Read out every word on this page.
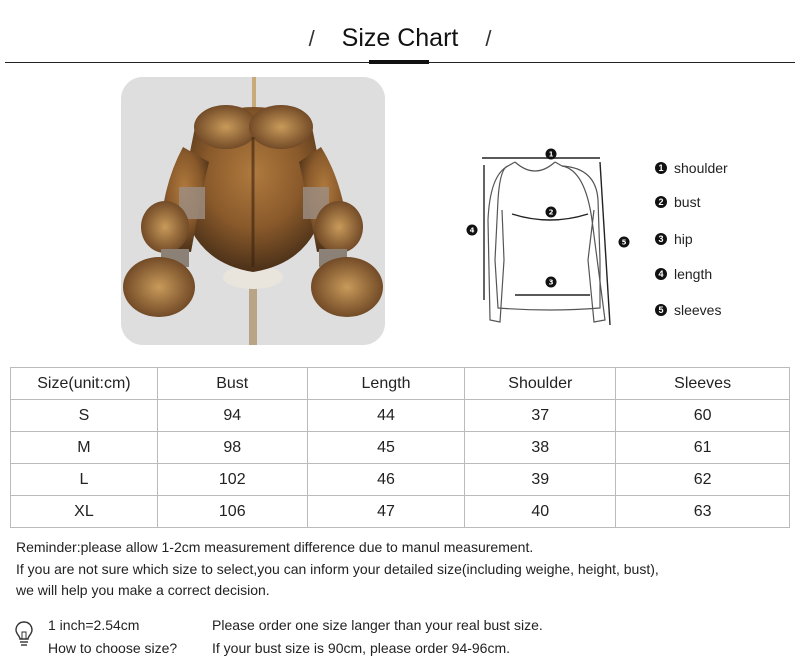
/ Size Chart /
1
2
3
4
5
1 shoulder
2 bust
3 hip
4 length
5 sleeves
Size(unit:cm)	Bust	Length	Shoulder	Sleeves
S	94	44	37	60
M	98	45	38	61
L	102	46	39	62
XL	106	47	40	63

Reminder:please allow 1-2cm measurement difference due to manul measurement.

If you are not sure which size to select,you can inform your detailed size(including weighe, height, bust),

we will help you make a correct decision.

1 inch=2.54cm

How to choose size?

Please order one size langer than your real bust size.

If your bust size is 90cm, please order 94-96cm.
